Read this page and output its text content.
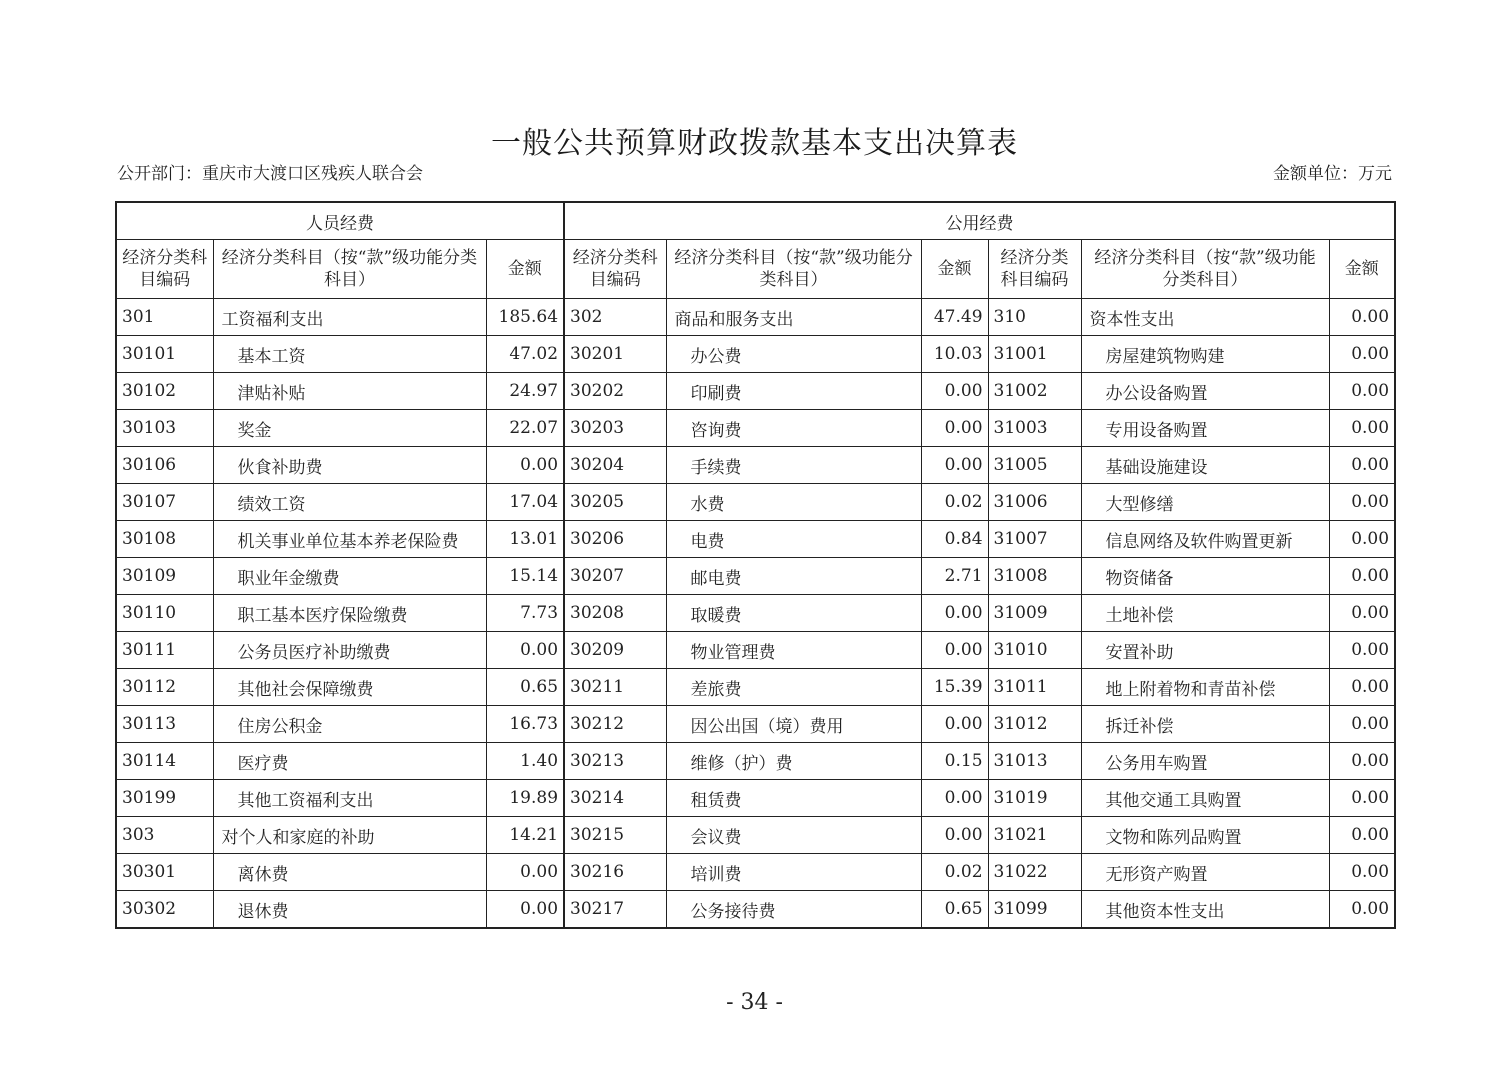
一般公共预算财政拨款基本支出决算表
公开部门：重庆市大渡口区残疾人联合会	金额单位：万元
人员经费			公用经费					
经济分类科目编码	经济分类科目（按“款”级功能分类科目）	金额	经济分类科目编码	经济分类科目（按“款”级功能分类科目）	金额	经济分类科目编码	经济分类科目（按“款”级功能分类科目）	金额
301	工资福利支出	185.64	302	商品和服务支出	47.49	310	资本性支出	0.00
30101	基本工资	47.02	30201	办公费	10.03	31001	房屋建筑物购建	0.00
30102	津贴补贴	24.97	30202	印刷费	0.00	31002	办公设备购置	0.00
30103	奖金	22.07	30203	咨询费	0.00	31003	专用设备购置	0.00
30106	伙食补助费	0.00	30204	手续费	0.00	31005	基础设施建设	0.00
30107	绩效工资	17.04	30205	水费	0.02	31006	大型修缮	0.00
30108	机关事业单位基本养老保险费	13.01	30206	电费	0.84	31007	信息网络及软件购置更新	0.00
30109	职业年金缴费	15.14	30207	邮电费	2.71	31008	物资储备	0.00
30110	职工基本医疗保险缴费	7.73	30208	取暖费	0.00	31009	土地补偿	0.00
30111	公务员医疗补助缴费	0.00	30209	物业管理费	0.00	31010	安置补助	0.00
30112	其他社会保障缴费	0.65	30211	差旅费	15.39	31011	地上附着物和青苗补偿	0.00
30113	住房公积金	16.73	30212	因公出国（境）费用	0.00	31012	拆迁补偿	0.00
30114	医疗费	1.40	30213	维修（护）费	0.15	31013	公务用车购置	0.00
30199	其他工资福利支出	19.89	30214	租赁费	0.00	31019	其他交通工具购置	0.00
303	对个人和家庭的补助	14.21	30215	会议费	0.00	31021	文物和陈列品购置	0.00
30301	离休费	0.00	30216	培训费	0.02	31022	无形资产购置	0.00
30302	退休费	0.00	30217	公务接待费	0.65	31099	其他资本性支出	0.00
- 34 -
